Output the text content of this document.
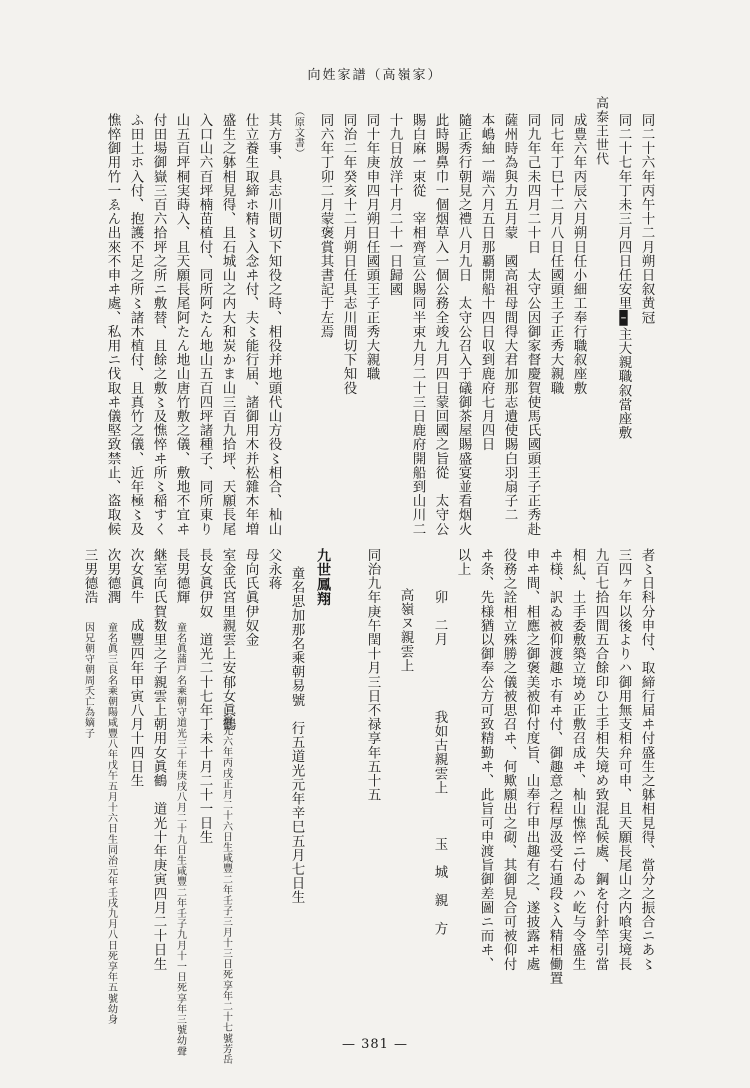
向姓家譜（高嶺家）
同二十六年丙午十二月朔日叙黄冠
同二十七年丁未三月四日任安里🁢主大親職叙當座敷
高泰王世代
成豊六年丙辰六月朔日任小細工奉行職叙座敷
同七年丁巳十二月八日任國頭王子正秀大親職
同九年己未四月二十日　太守公因御家督慶賀使馬氏國頭王子正秀赴
薩州時為與力五月蒙　國高祖母間得大君加那志遺使賜白羽扇子二
本嶋紬一端六月五日那覇開船十四日収到鹿府七月四日
隨正秀行朝見之禮八月九日　太守公召入于礒御茶屋賜盛宴並看烟火
此時賜鼻巾一個烟草入一個公務全竣九月四日蒙回國之旨從　太守公
賜白麻一束從　宰相齊宣公賜同半束九月二十三日鹿府開船到山川二
十九日放洋十月二十一日歸國
同十年庚申四月朔日任國頭王子正秀大親職
同治二年癸亥十二月朔日任具志川間切下知役
同六年丁卯二月蒙褒賞其書記于左焉
（原文書）
其方事、具志川間切下知役之時、相役并地頭代山方役〻相合、杣山
仕立養生取締ホ精〻入念ヰ付、夫〻能行届、諸御用木并松雜木年増
盛生之躰相見得、且石城山之内大和炭かま山三百九拾坪、天願長尾
入口山六百坪楠苗植付、同所阿たん地山五百四坪諸種子、同所東り
山五百坪桐実蒔入、且天願長尾阿たん地山唐竹敷之儀、敷地不宜ヰ
付田場御嶽三百六拾坪之所ニ敷替、且餘之敷〻及憔悴ヰ所〻稲すく
ふ田土ホ入付、抱護不足之所〻諸木植付、且真竹之儀、近年極〻及
憔悴御用竹一ゑん出來不申ヰ處、私用ニ伐取ヰ儀堅致禁止、盗取候
者〻日科分申付、取締行届ヰ付盛生之躰相見得、當分之振合ニあ〻
三四ヶ年以後よりハ御用無支相弁可申、且天願長尾山之内喰実境長
九百七拾四間五合餘印ひ土手相失境め致混乱候處、鋼を付針竿引當
相糺、土手委敷築立境め正敷召成ヰ、杣山憔悴ニ付ゐハ屹与令盛生
ヰ様、訳ゐ被仰渡趣ホ有ヰ付、御趣意之程厚汲受右通段〻入精相働置
申ヰ間、相應之御褒美被仰付度旨、山奉行申出趣有之、遂披露ヰ處
役務之詮相立殊勝之儀被思召ヰ、何歟願出之砌、其御見合可被仰付
ヰ条、先様猶以御奉公方可致精勤ヰ、此旨可申渡旨御差圖ニ而ヰ、
以上
卯　二月
我如古親雲上　　　玉　城　親　方
高嶺ヌ親雲上
同治九年庚午閏十月三日不禄享年五十五
九世鳳翔
童名思加那名乘朝易號　行五道光元年辛巳五月七日生
父永蒋
母向氏眞伊奴金
室金氏宮里親雲上安郁女眞鶴
道光六年丙戌正月二十六日生咸豐二年壬子三月十三日死享年二十七號芳岳
長女眞伊奴　道光二十七年丁未十月二十一日生
長男德輝
童名眞蒲戸名乘朝守道光三十年庚戌八月二十九日生咸豐二年壬子九月十一日死享年三號幼聲
継室向氏賀数里之子親雲上朝用女眞鶴　道光十年庚寅四月二十日生
次女眞牛　成豐四年甲寅八月十四日生
次男德潤
童名眞三良名乘朝陽咸豐八年戊午五月十六日生同治元年壬戌九月八日死享年五號幼身
三男德浩
因兄朝守朝周夭亡為嫡子
— 381 —
